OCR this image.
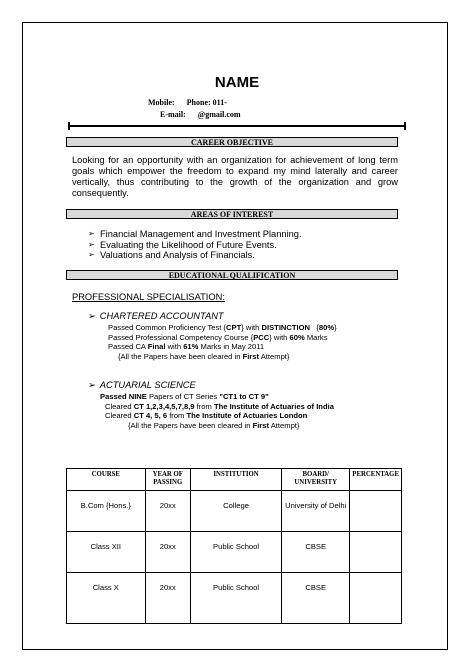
NAME
Mobile: Phone: 011-
E-mail: @gmail.com
CAREER OBJECTIVE
Looking for an opportunity with an organization for achievement of long term goals which empower the freedom to expand my mind laterally and career vertically, thus contributing to the growth of the organization and grow consequently.
AREAS OF INTEREST
➢ Financial Management and Investment Planning.
➢ Evaluating the Likelihood of Future Events.
➢ Valuations and Analysis of Financials.
EDUCATIONAL QUALIFICATION
PROFESSIONAL SPECIALISATION:
➢ CHARTERED ACCOUNTANT
Passed Common Proficiency Test {CPT} with DISTINCTION {80%}
Passed Professional Competency Course {PCC} with 60% Marks
Passed CA Final with 61% Marks in May 2011
{All the Papers have been cleared in First Attempt}
➢ ACTUARIAL SCIENCE
Passed NINE Papers of CT Series "CT1 to CT 9"
Cleared CT 1,2,3,4,5,7,8,9 from The Institute of Actuaries of India
Cleared CT 4, 5, 6 from The Institute of Actuaries London
{All the Papers have been cleared in First Attempt}
COURSE	YEAR OF PASSING	INSTITUTION	BOARD/ UNIVERSITY	PERCENTAGE
B.Com {Hons.}	20xx	College	University of Delhi	
Class XII	20xx	Public School	CBSE	
Class X	20xx	Public School	CBSE	
